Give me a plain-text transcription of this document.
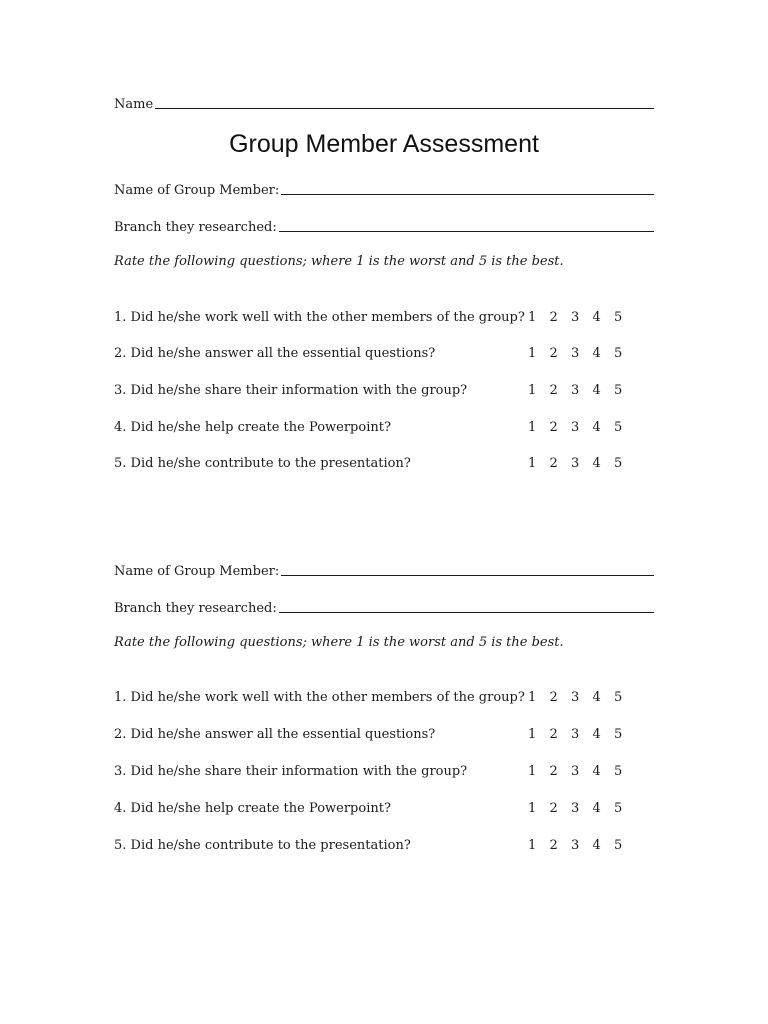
Name
Group Member Assessment
Name of Group Member:
Branch they researched:
Rate the following questions; where 1 is the worst and 5 is the best.
1. Did he/she work well with the other members of the group? 1 2 3 4 5
2. Did he/she answer all the essential questions?	1 2 3 4 5
3. Did he/she share their information with the group?	1 2 3 4 5
4. Did he/she help create the Powerpoint?	1 2 3 4 5
5. Did he/she contribute to the presentation?	1 2 3 4 5
Name of Group Member:
Branch they researched:
Rate the following questions; where 1 is the worst and 5 is the best.
1. Did he/she work well with the other members of the group? 1 2 3 4 5
2. Did he/she answer all the essential questions?	1 2 3 4 5
3. Did he/she share their information with the group?	1 2 3 4 5
4. Did he/she help create the Powerpoint?	1 2 3 4 5
5. Did he/she contribute to the presentation?	1 2 3 4 5
